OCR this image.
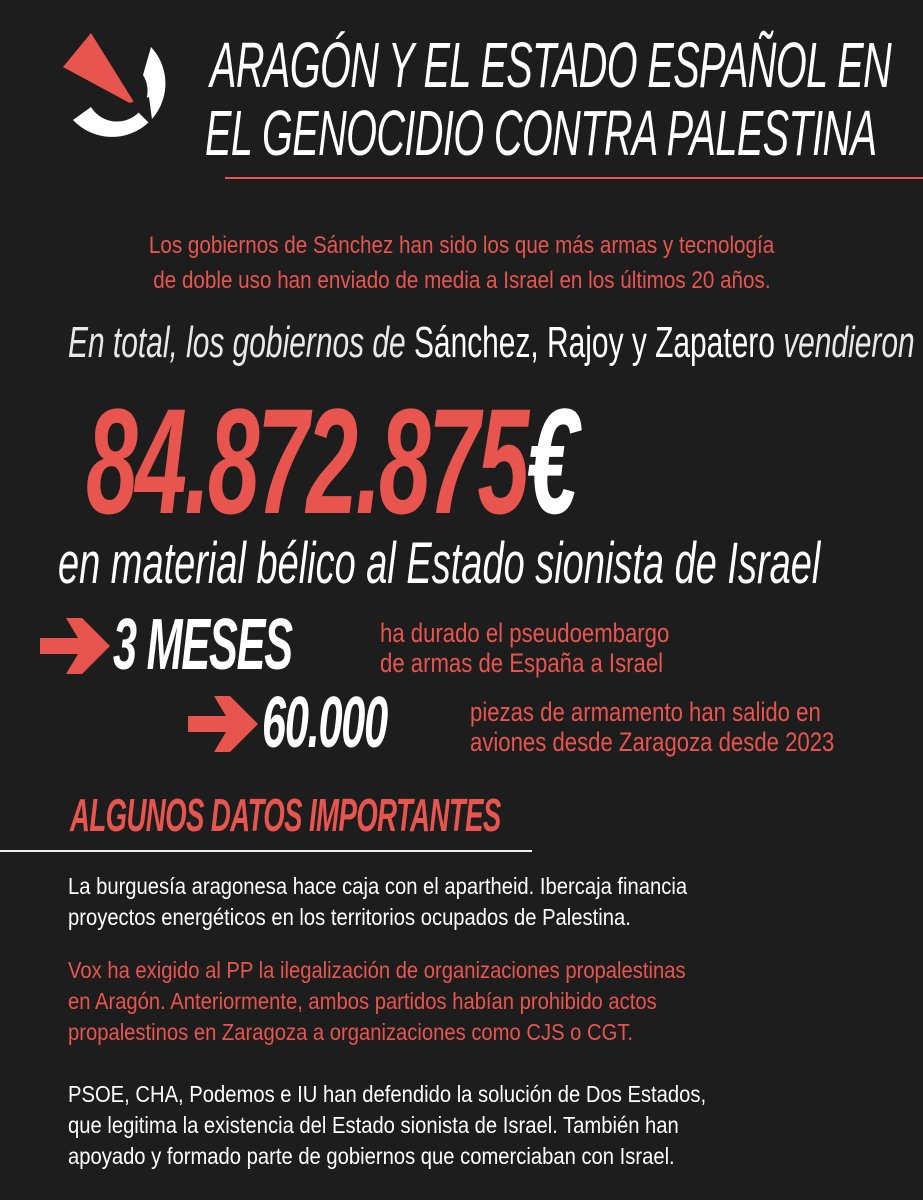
ARAGÓN Y EL ESTADO ESPAÑOL EN
EL GENOCIDIO CONTRA PALESTINA
Los gobiernos de Sánchez han sido los que más armas y tecnología
de doble uso han enviado de media a Israel en los últimos 20 años.
En total, los gobiernos de Sánchez, Rajoy y Zapatero vendieron
84.872.875€
en material bélico al Estado sionista de Israel
3 MESES	ha durado el pseudoembargo
de armas de España a Israel
60.000	piezas de armamento han salido en
aviones desde Zaragoza desde 2023
ALGUNOS DATOS IMPORTANTES
La burguesía aragonesa hace caja con el apartheid. Ibercaja financia
proyectos energéticos en los territorios ocupados de Palestina.
Vox ha exigido al PP la ilegalización de organizaciones propalestinas
en Aragón. Anteriormente, ambos partidos habían prohibido actos
propalestinos en Zaragoza a organizaciones como CJS o CGT.
PSOE, CHA, Podemos e IU han defendido la solución de Dos Estados,
que legitima la existencia del Estado sionista de Israel. También han
apoyado y formado parte de gobiernos que comerciaban con Israel.
